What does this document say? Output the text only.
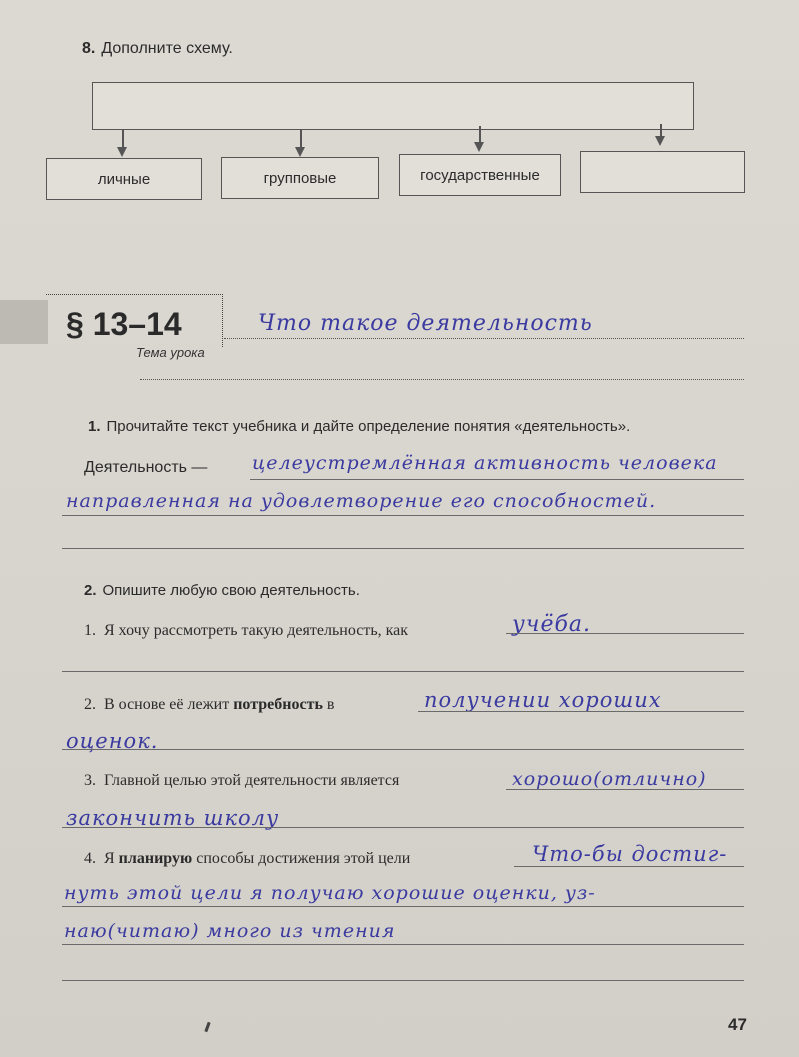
8. Дополните схему.
личные	групповые	государственные
§ 13–14
Тема урока
Что такое деятельность
1. Прочитайте текст учебника и дайте определение понятия «деятельность».
Деятельность — целеустремлённая активность человека
направленная на удовлетворение его способностей.
2. Опишите любую свою деятельность.
1. Я хочу рассмотреть такую деятельность, как	учёба.
2. В основе её лежит потребность в	получении хороших
оценок.
3. Главной целью этой деятельности является	хорошо(отлично)
закончить школу
4. Я планирую способы достижения этой цели	Что-бы достиг-
нуть этой цели я получаю хорошие оценки, уз-
наю(читаю) много из чтения
47
